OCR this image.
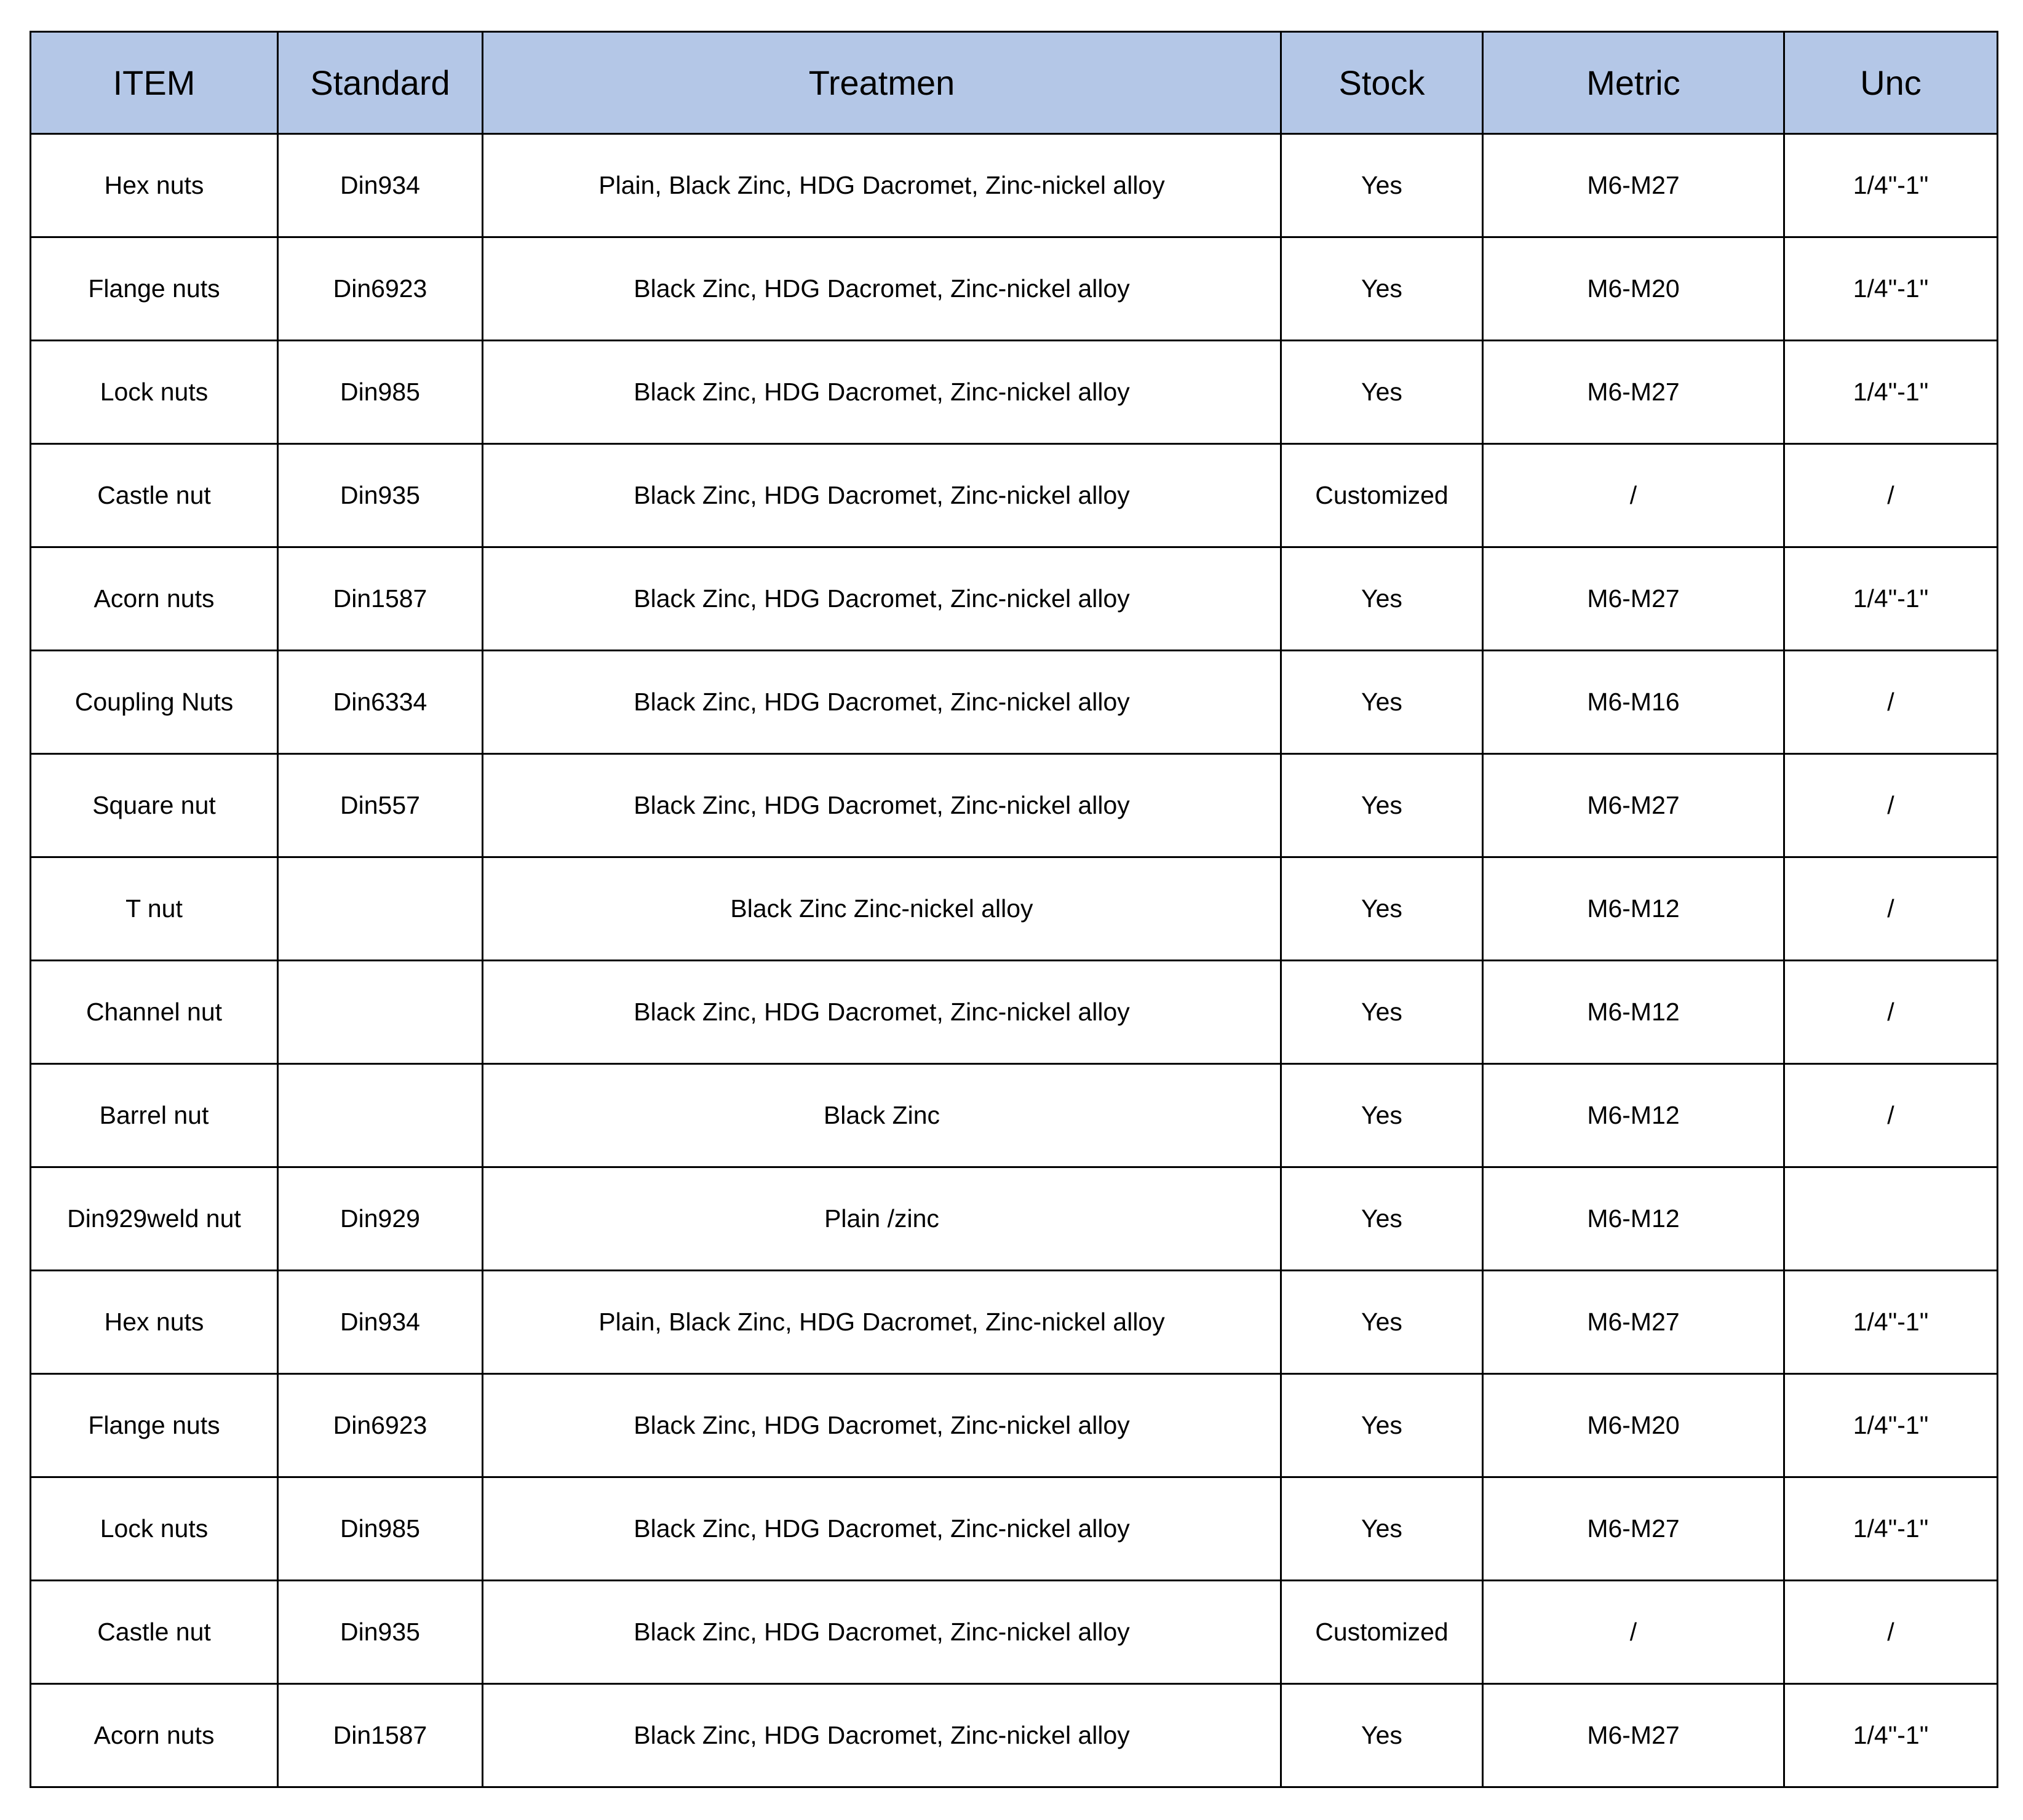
ITEM	Standard	Treatmen	Stock	Metric	Unc
Hex nuts	Din934	Plain, Black Zinc, HDG Dacromet, Zinc-nickel alloy	Yes	M6-M27	1/4"-1"
Flange nuts	Din6923	Black Zinc, HDG Dacromet, Zinc-nickel alloy	Yes	M6-M20	1/4"-1"
Lock nuts	Din985	Black Zinc, HDG Dacromet, Zinc-nickel alloy	Yes	M6-M27	1/4"-1"
Castle nut	Din935	Black Zinc, HDG Dacromet, Zinc-nickel alloy	Customized	/	/
Acorn nuts	Din1587	Black Zinc, HDG Dacromet, Zinc-nickel alloy	Yes	M6-M27	1/4"-1"
Coupling Nuts	Din6334	Black Zinc, HDG Dacromet, Zinc-nickel alloy	Yes	M6-M16	/
Square nut	Din557	Black Zinc, HDG Dacromet, Zinc-nickel alloy	Yes	M6-M27	/
T nut		Black Zinc Zinc-nickel alloy	Yes	M6-M12	/
Channel nut		Black Zinc, HDG Dacromet, Zinc-nickel alloy	Yes	M6-M12	/
Barrel nut		Black Zinc	Yes	M6-M12	/
Din929weld nut	Din929	Plain /zinc	Yes	M6-M12	
Hex nuts	Din934	Plain, Black Zinc, HDG Dacromet, Zinc-nickel alloy	Yes	M6-M27	1/4"-1"
Flange nuts	Din6923	Black Zinc, HDG Dacromet, Zinc-nickel alloy	Yes	M6-M20	1/4"-1"
Lock nuts	Din985	Black Zinc, HDG Dacromet, Zinc-nickel alloy	Yes	M6-M27	1/4"-1"
Castle nut	Din935	Black Zinc, HDG Dacromet, Zinc-nickel alloy	Customized	/	/
Acorn nuts	Din1587	Black Zinc, HDG Dacromet, Zinc-nickel alloy	Yes	M6-M27	1/4"-1"
